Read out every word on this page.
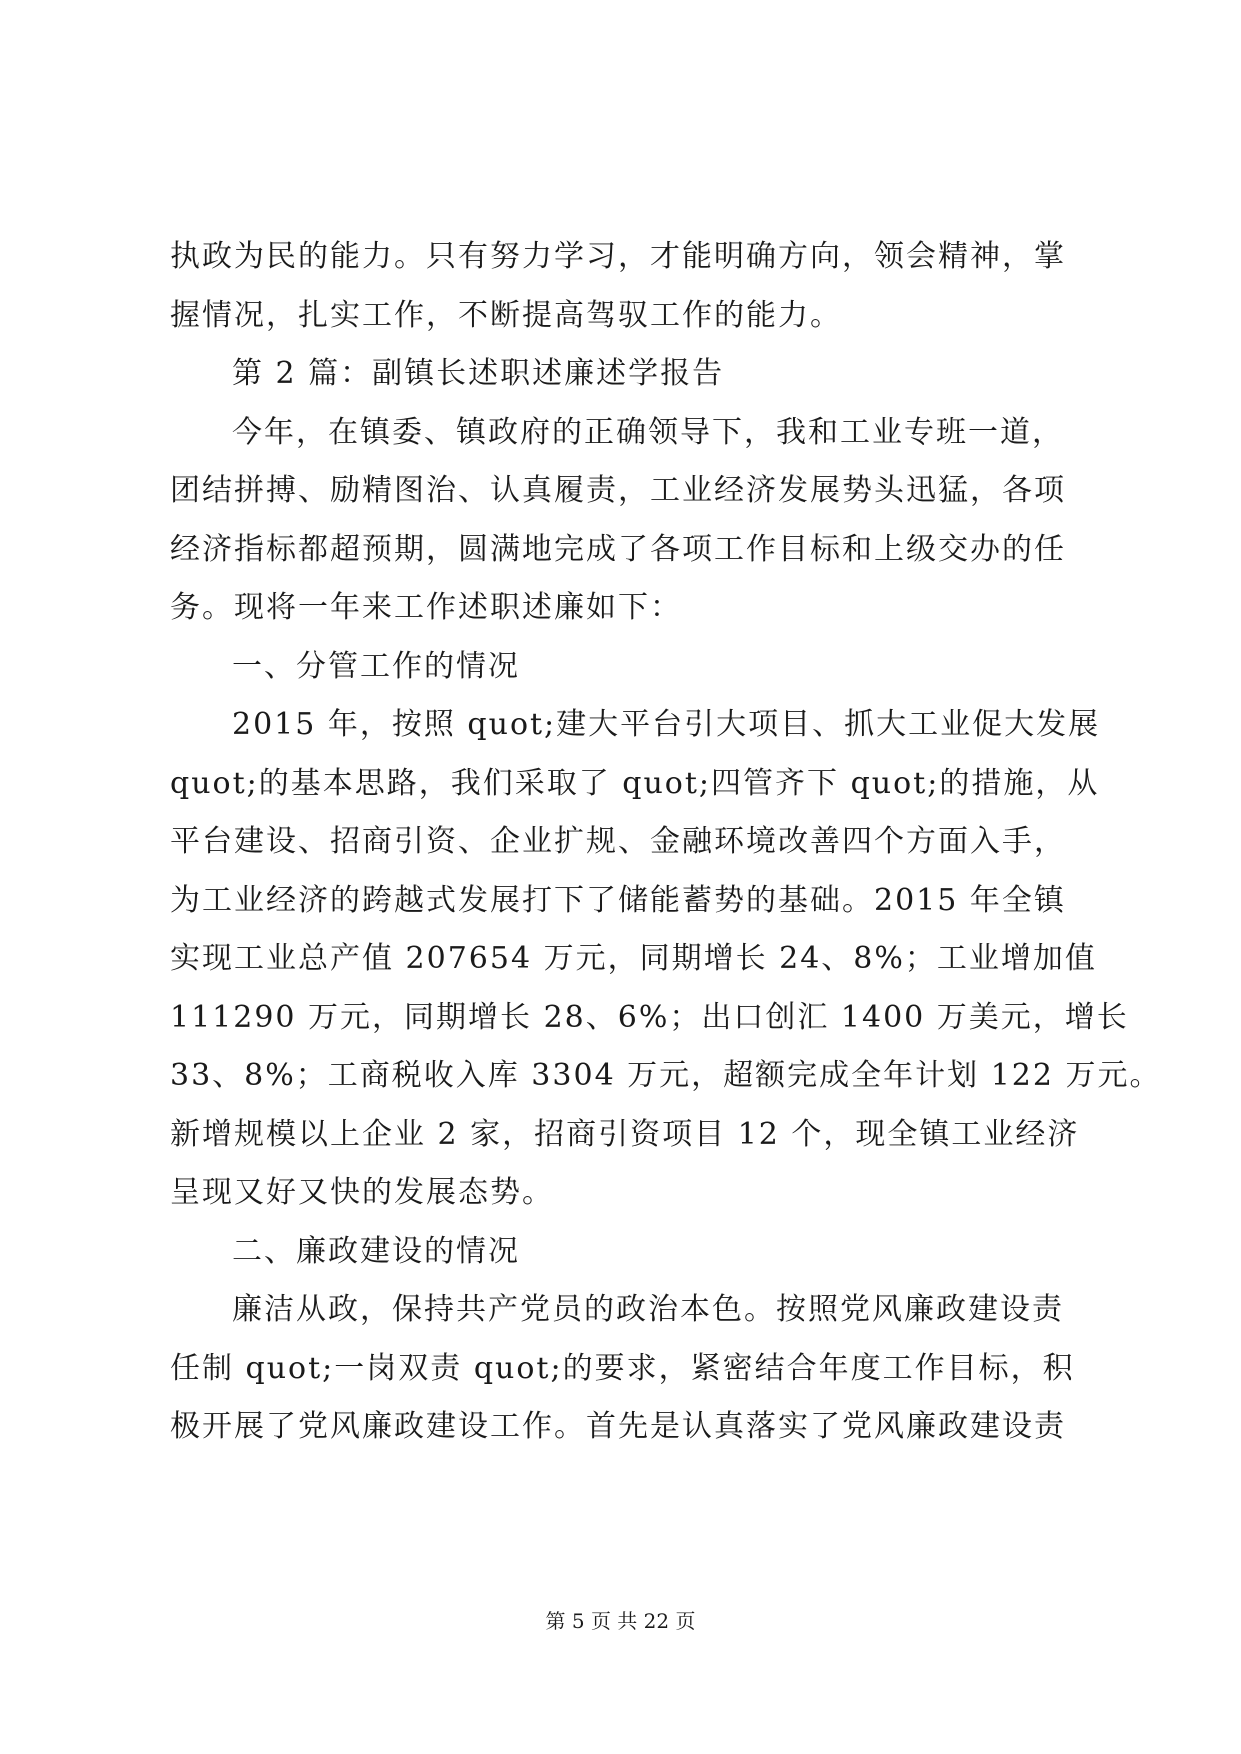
执政为民的能力。只有努力学习，才能明确方向，领会精神，掌
握情况，扎实工作，不断提高驾驭工作的能力。
第 2 篇：副镇长述职述廉述学报告
今年，在镇委、镇政府的正确领导下，我和工业专班一道，
团结拼搏、励精图治、认真履责，工业经济发展势头迅猛，各项
经济指标都超预期，圆满地完成了各项工作目标和上级交办的任
务。现将一年来工作述职述廉如下：
一、分管工作的情况
2015 年，按照 quot;建大平台引大项目、抓大工业促大发展
quot;的基本思路，我们采取了 quot;四管齐下 quot;的措施，从
平台建设、招商引资、企业扩规、金融环境改善四个方面入手，
为工业经济的跨越式发展打下了储能蓄势的基础。2015 年全镇
实现工业总产值 207654 万元，同期增长 24、8%；工业增加值
111290 万元，同期增长 28、6%；出口创汇 1400 万美元，增长
33、8%；工商税收入库 3304 万元，超额完成全年计划 122 万元。
新增规模以上企业 2 家，招商引资项目 12 个，现全镇工业经济
呈现又好又快的发展态势。
二、廉政建设的情况
廉洁从政，保持共产党员的政治本色。按照党风廉政建设责
任制 quot;一岗双责 quot;的要求，紧密结合年度工作目标，积
极开展了党风廉政建设工作。首先是认真落实了党风廉政建设责
第 5 页 共 22 页
